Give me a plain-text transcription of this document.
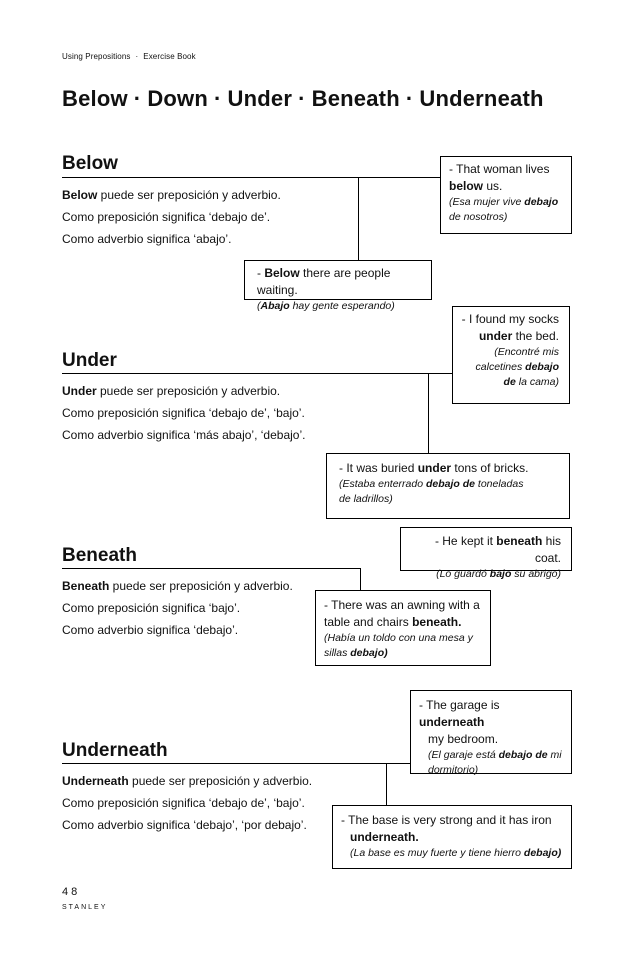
Using Prepositions · Exercise Book
Below · Down · Under · Beneath · Underneath
Below
Below puede ser preposición y adverbio.
Como preposición significa ‘debajo de’.
Como adverbio significa ‘abajo’.
- That woman lives
below us.
(Esa mujer vive debajo de nosotros)
- Below there are people waiting.
(Abajo hay gente esperando)
Under
Under puede ser preposición y adverbio.
Como preposición significa ‘debajo de’, ‘bajo’.
Como adverbio significa ‘más abajo’, ‘debajo’.
- I found my socks
under the bed.
(Encontré mis
calcetines debajo
de la cama)
- It was buried under tons of bricks.
(Estaba enterrado debajo de toneladas
de ladrillos)
Beneath
Beneath puede ser preposición y adverbio.
Como preposición significa ‘bajo’.
Como adverbio significa ‘debajo’.
- He kept it beneath his coat.
(Lo guardó bajo su abrigo)
- There was an awning with a
table and chairs beneath.
(Había un toldo con una mesa y
sillas debajo)
Underneath
Underneath puede ser preposición y adverbio.
Como preposición significa ‘debajo de’, ‘bajo’.
Como adverbio significa ‘debajo’, ‘por debajo’.
- The garage is underneath
my bedroom.
(El garaje está debajo de mi
dormitorio)
- The base is very strong and it has iron
underneath.
(La base es muy fuerte y tiene hierro debajo)
48
STANLEY
